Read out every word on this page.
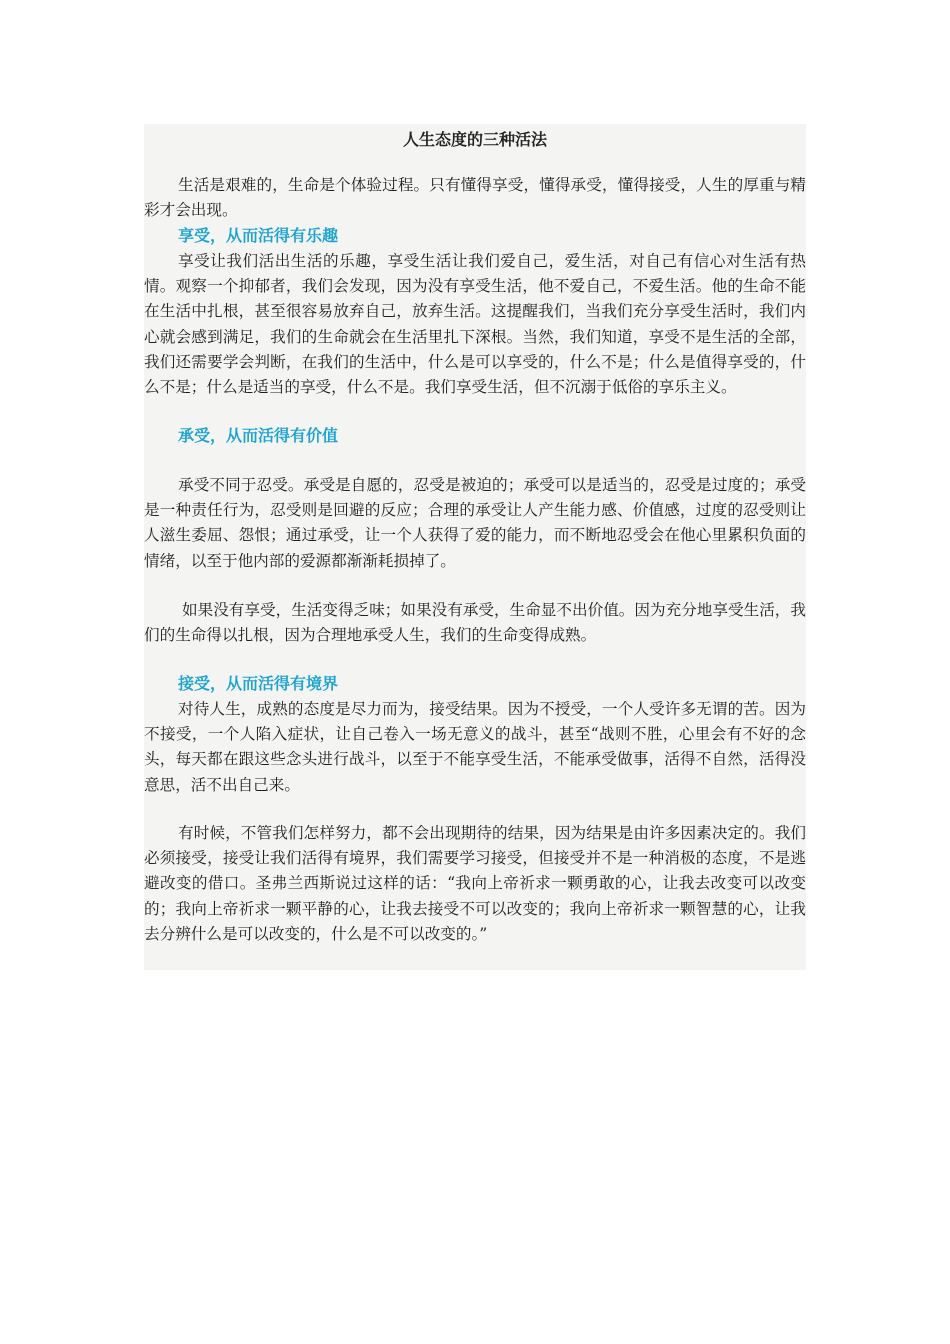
人生态度的三种活法

生活是艰难的，生命是个体验过程。只有懂得享受，懂得承受，懂得接受，人生的厚重与精彩才会出现。

享受，从而活得有乐趣

享受让我们活出生活的乐趣，享受生活让我们爱自己，爱生活，对自己有信心对生活有热情。观察一个抑郁者，我们会发现，因为没有享受生活，他不爱自己，不爱生活。他的生命不能在生活中扎根，甚至很容易放弃自己，放弃生活。这提醒我们，当我们充分享受生活时，我们内心就会感到满足，我们的生命就会在生活里扎下深根。当然，我们知道，享受不是生活的全部，我们还需要学会判断，在我们的生活中，什么是可以享受的，什么不是；什么是值得享受的，什么不是；什么是适当的享受，什么不是。我们享受生活，但不沉溺于低俗的享乐主义。

承受，从而活得有价值

承受不同于忍受。承受是自愿的，忍受是被迫的；承受可以是适当的，忍受是过度的；承受是一种责任行为，忍受则是回避的反应；合理的承受让人产生能力感、价值感，过度的忍受则让人滋生委屈、怨恨；通过承受，让一个人获得了爱的能力，而不断地忍受会在他心里累积负面的情绪，以至于他内部的爱源都渐渐耗损掉了。

如果没有享受，生活变得乏味；如果没有承受，生命显不出价值。因为充分地享受生活，我们的生命得以扎根，因为合理地承受人生，我们的生命变得成熟。

接受，从而活得有境界

对待人生，成熟的态度是尽力而为，接受结果。因为不授受，一个人受许多无谓的苦。因为不接受，一个人陷入症状，让自己卷入一场无意义的战斗，甚至“战则不胜，心里会有不好的念头，每天都在跟这些念头进行战斗，以至于不能享受生活，不能承受做事，活得不自然，活得没意思，活不出自己来。

有时候，不管我们怎样努力，都不会出现期待的结果，因为结果是由许多因素决定的。我们必须接受，接受让我们活得有境界，我们需要学习接受，但接受并不是一种消极的态度，不是逃避改变的借口。圣弗兰西斯说过这样的话：“我向上帝祈求一颗勇敢的心，让我去改变可以改变的；我向上帝祈求一颗平静的心，让我去接受不可以改变的；我向上帝祈求一颗智慧的心，让我去分辨什么是可以改变的，什么是不可以改变的。”
